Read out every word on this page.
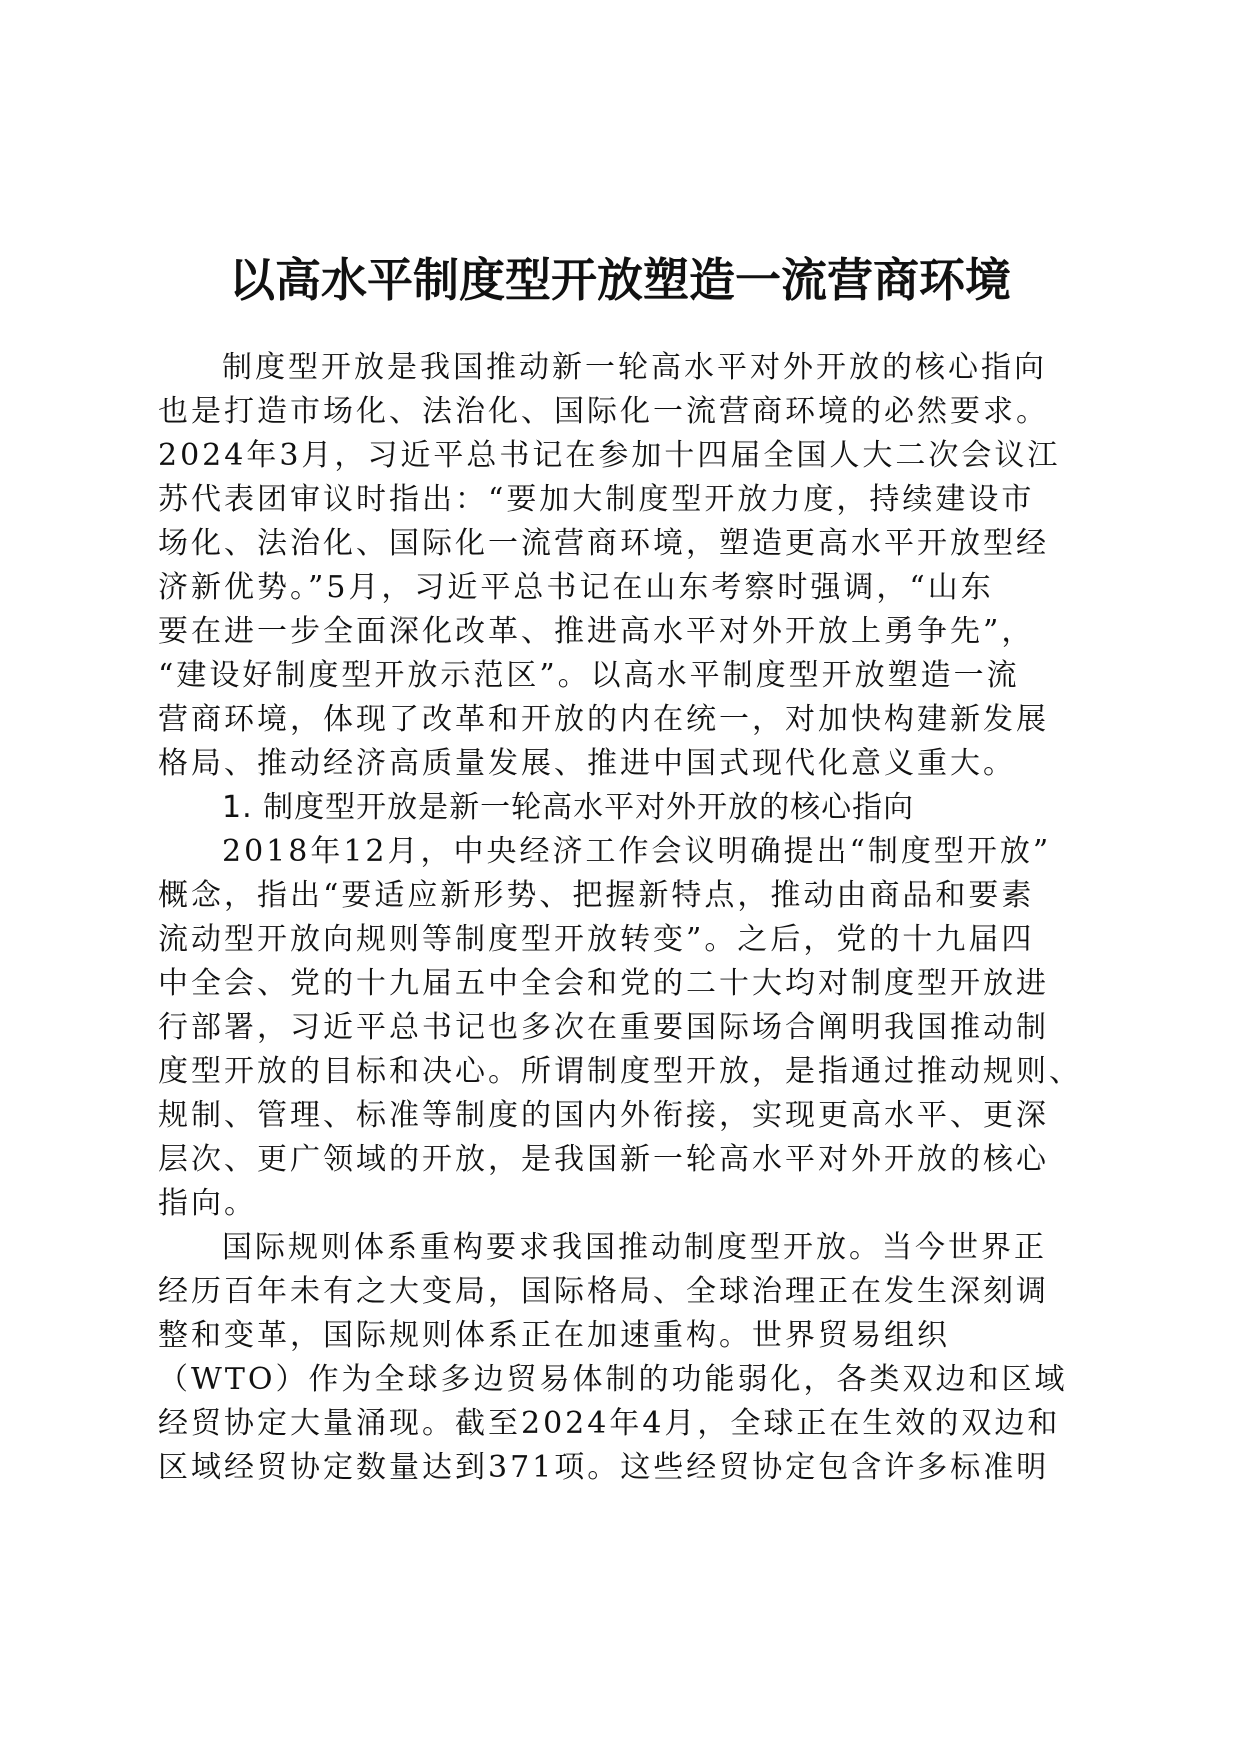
以高水平制度型开放塑造一流营商环境
制度型开放是我国推动新一轮高水平对外开放的核心指向
也是打造市场化、法治化、国际化一流营商环境的必然要求。
2024年3月，习近平总书记在参加十四届全国人大二次会议江
苏代表团审议时指出：“要加大制度型开放力度，持续建设市
场化、法治化、国际化一流营商环境，塑造更高水平开放型经
济新优势。”5月，习近平总书记在山东考察时强调，“山东
要在进一步全面深化改革、推进高水平对外开放上勇争先”，
“建设好制度型开放示范区”。以高水平制度型开放塑造一流
营商环境，体现了改革和开放的内在统一，对加快构建新发展
格局、推动经济高质量发展、推进中国式现代化意义重大。
1. 制度型开放是新一轮高水平对外开放的核心指向
2018年12月，中央经济工作会议明确提出“制度型开放”
概念，指出“要适应新形势、把握新特点，推动由商品和要素
流动型开放向规则等制度型开放转变”。之后，党的十九届四
中全会、党的十九届五中全会和党的二十大均对制度型开放进
行部署，习近平总书记也多次在重要国际场合阐明我国推动制
度型开放的目标和决心。所谓制度型开放，是指通过推动规则、
规制、管理、标准等制度的国内外衔接，实现更高水平、更深
层次、更广领域的开放，是我国新一轮高水平对外开放的核心
指向。
国际规则体系重构要求我国推动制度型开放。当今世界正
经历百年未有之大变局，国际格局、全球治理正在发生深刻调
整和变革，国际规则体系正在加速重构。世界贸易组织
（WTO）作为全球多边贸易体制的功能弱化，各类双边和区域
经贸协定大量涌现。截至2024年4月，全球正在生效的双边和
区域经贸协定数量达到371项。这些经贸协定包含许多标准明
